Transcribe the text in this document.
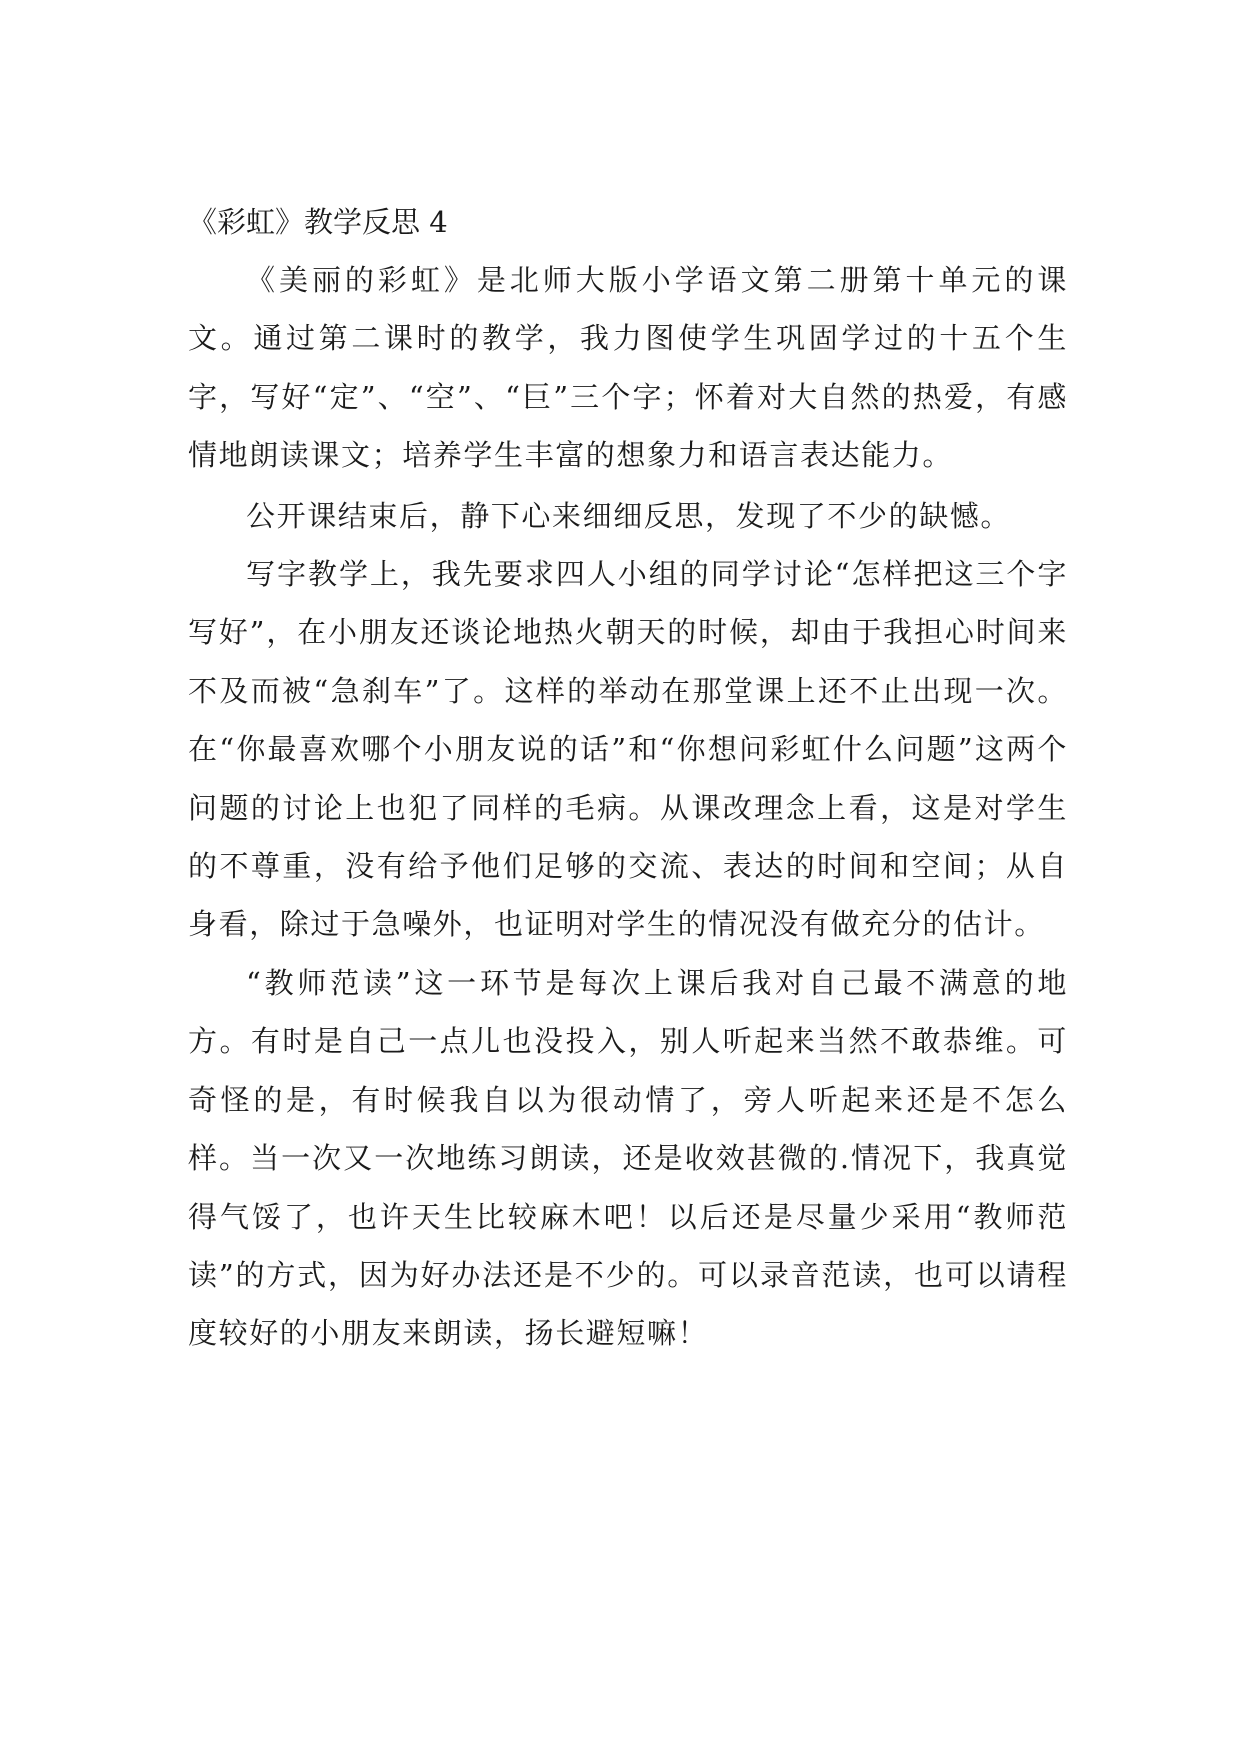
《彩虹》教学反思 4

《美丽的彩虹》是北师大版小学语文第二册第十单元的课文。通过第二课时的教学，我力图使学生巩固学过的十五个生字，写好“定”、“空”、“巨”三个字；怀着对大自然的热爱，有感情地朗读课文；培养学生丰富的想象力和语言表达能力。

公开课结束后，静下心来细细反思，发现了不少的缺憾。

写字教学上，我先要求四人小组的同学讨论“怎样把这三个字写好”，在小朋友还谈论地热火朝天的时候，却由于我担心时间来不及而被“急刹车”了。这样的举动在那堂课上还不止出现一次。在“你最喜欢哪个小朋友说的话”和“你想问彩虹什么问题”这两个问题的讨论上也犯了同样的毛病。从课改理念上看，这是对学生的不尊重，没有给予他们足够的交流、表达的时间和空间；从自身看，除过于急噪外，也证明对学生的情况没有做充分的估计。

“教师范读”这一环节是每次上课后我对自己最不满意的地方。有时是自己一点儿也没投入，别人听起来当然不敢恭维。可奇怪的是，有时候我自以为很动情了，旁人听起来还是不怎么样。当一次又一次地练习朗读，还是收效甚微的.情况下，我真觉得气馁了，也许天生比较麻木吧！以后还是尽量少采用“教师范读”的方式，因为好办法还是不少的。可以录音范读，也可以请程度较好的小朋友来朗读，扬长避短嘛！
